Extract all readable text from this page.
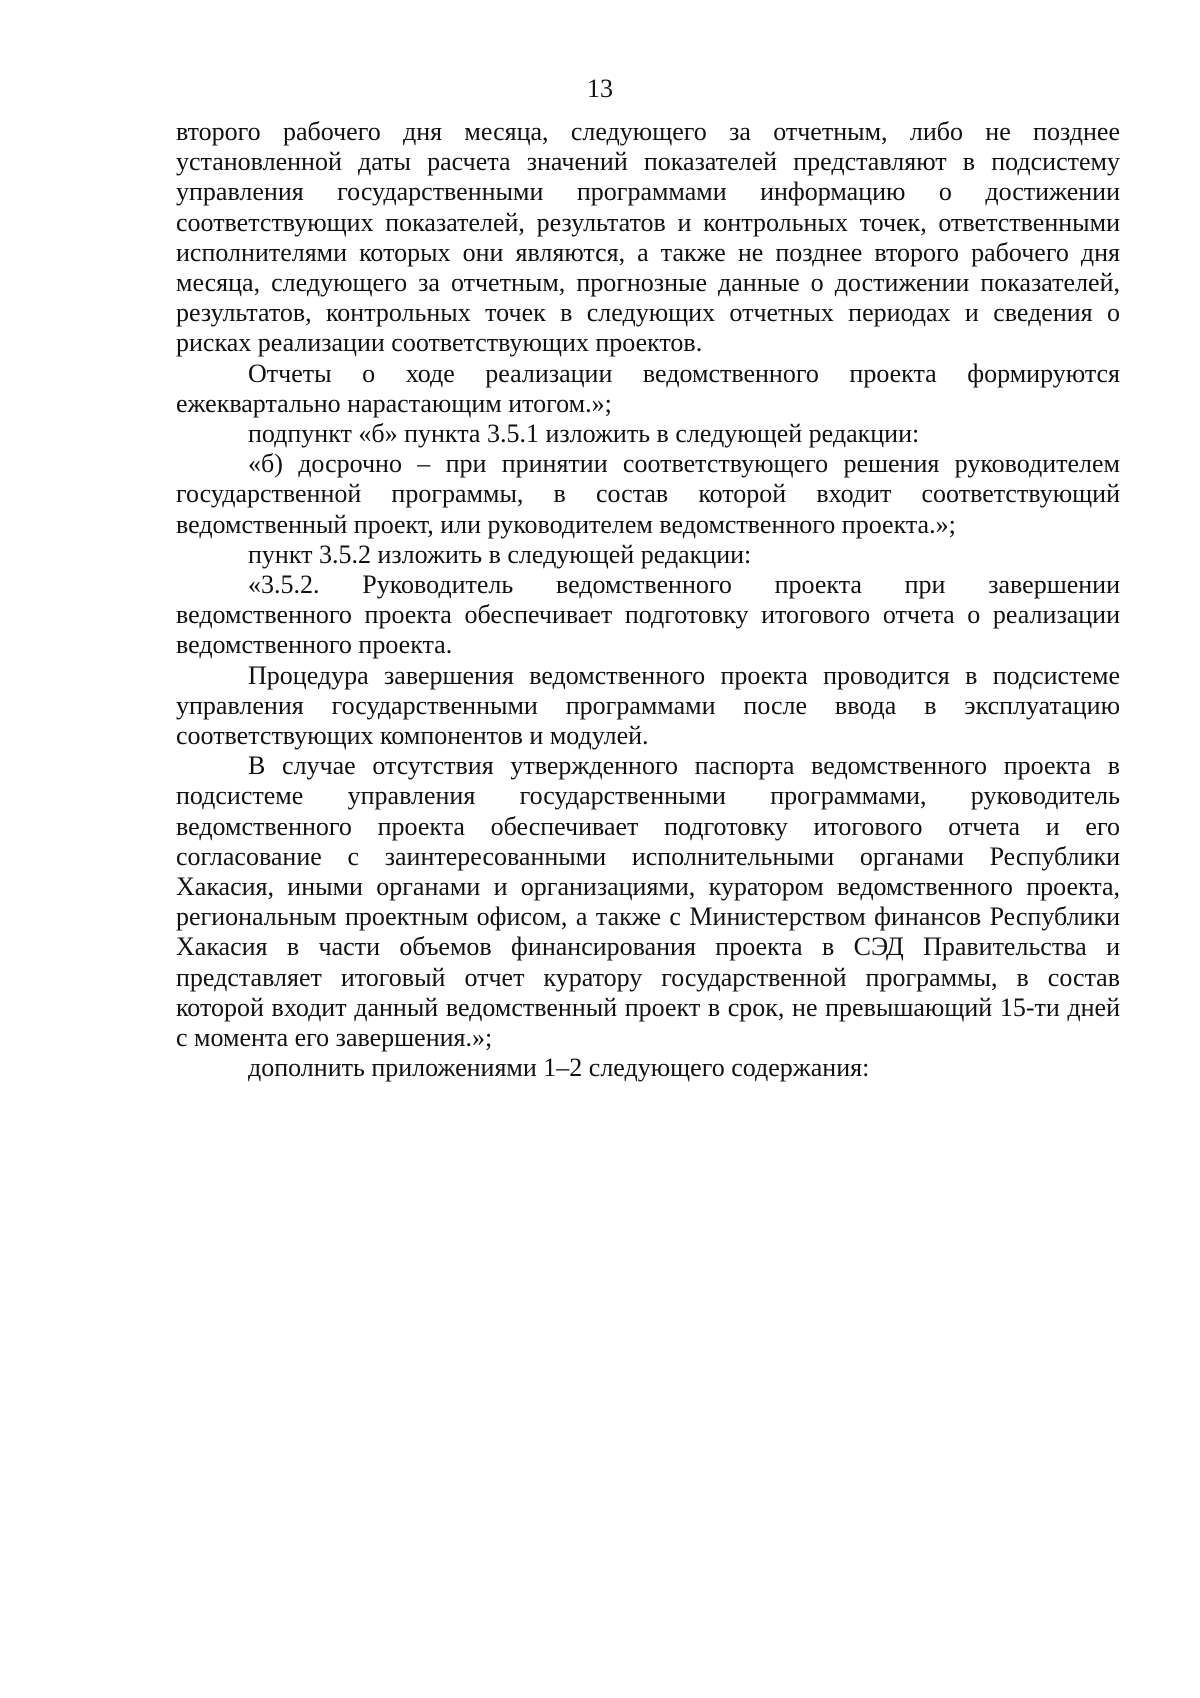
13

второго рабочего дня месяца, следующего за отчетным, либо не позднее установленной даты расчета значений показателей представляют в подсистему управления государственными программами информацию о достижении соответствующих показателей, результатов и контрольных точек, ответственными исполнителями которых они являются, а также не позднее второго рабочего дня месяца, следующего за отчетным, прогнозные данные о достижении показателей, результатов, контрольных точек в следующих отчетных периодах и сведения о рисках реализации соответствующих проектов.

Отчеты о ходе реализации ведомственного проекта формируются ежеквартально нарастающим итогом.»;

подпункт «б» пункта 3.5.1 изложить в следующей редакции:

«б) досрочно – при принятии соответствующего решения руководителем государственной программы, в состав которой входит соответствующий ведомственный проект, или руководителем ведомственного проекта.»;

пункт 3.5.2 изложить в следующей редакции:

«3.5.2. Руководитель ведомственного проекта при завершении ведомственного проекта обеспечивает подготовку итогового отчета о реализации ведомственного проекта.

Процедура завершения ведомственного проекта проводится в подсистеме управления государственными программами после ввода в эксплуатацию соответствующих компонентов и модулей.

В случае отсутствия утвержденного паспорта ведомственного проекта в подсистеме управления государственными программами, руководитель ведомственного проекта обеспечивает подготовку итогового отчета и его согласование с заинтересованными исполнительными органами Республики Хакасия, иными органами и организациями, куратором ведомственного проекта, региональным проектным офисом, а также с Министерством финансов Республики Хакасия в части объемов финансирования проекта в СЭД Правительства и представляет итоговый отчет куратору государственной программы, в состав которой входит данный ведомственный проект в срок, не превышающий 15-ти дней с момента его завершения.»;

дополнить приложениями 1–2 следующего содержания:
